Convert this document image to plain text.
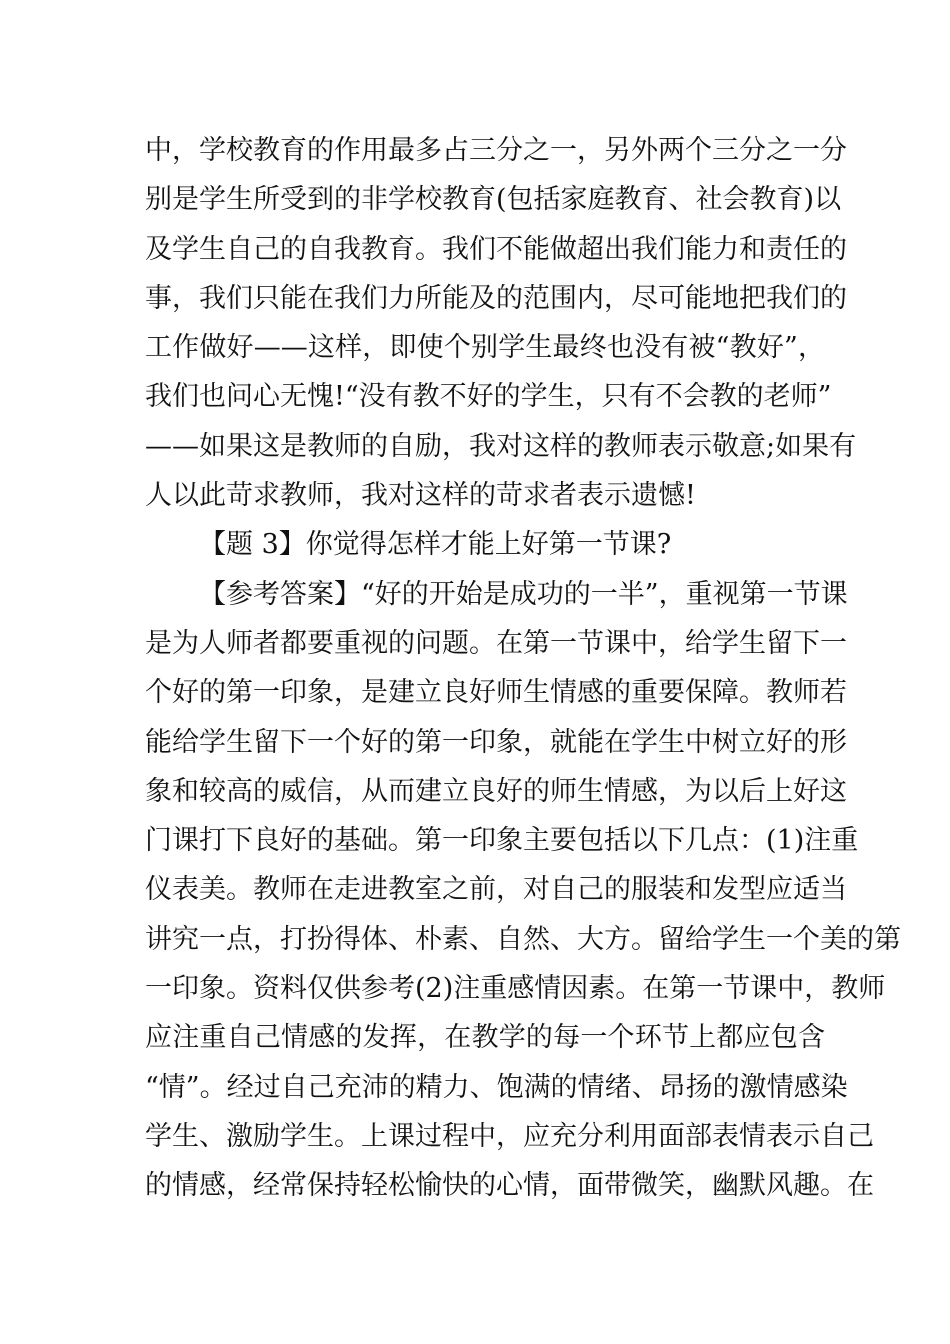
中，学校教育的作用最多占三分之一，另外两个三分之一分
别是学生所受到的非学校教育(包括家庭教育、社会教育)以
及学生自己的自我教育。我们不能做超出我们能力和责任的
事，我们只能在我们力所能及的范围内，尽可能地把我们的
工作做好——这样，即使个别学生最终也没有被“教好”，
我们也问心无愧!“没有教不好的学生，只有不会教的老师”
——如果这是教师的自励，我对这样的教师表示敬意;如果有
人以此苛求教师，我对这样的苛求者表示遗憾!
【题 3】你觉得怎样才能上好第一节课?
【参考答案】“好的开始是成功的一半”，重视第一节课
是为人师者都要重视的问题。在第一节课中，给学生留下一
个好的第一印象，是建立良好师生情感的重要保障。教师若
能给学生留下一个好的第一印象，就能在学生中树立好的形
象和较高的威信，从而建立良好的师生情感，为以后上好这
门课打下良好的基础。第一印象主要包括以下几点：(1)注重
仪表美。教师在走进教室之前，对自己的服装和发型应适当
讲究一点，打扮得体、朴素、自然、大方。留给学生一个美的第
一印象。资料仅供参考(2)注重感情因素。在第一节课中，教师
应注重自己情感的发挥，在教学的每一个环节上都应包含
“情”。经过自己充沛的精力、饱满的情绪、昂扬的激情感染
学生、激励学生。上课过程中，应充分利用面部表情表示自己
的情感，经常保持轻松愉快的心情，面带微笑，幽默风趣。在
